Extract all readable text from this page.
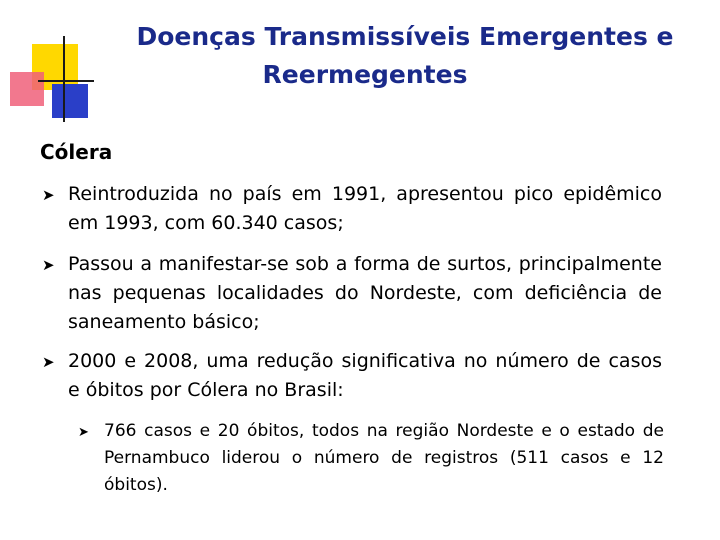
Doenças Transmissíveis Emergentes e
Reermegentes
Cólera
➤ Reintroduzida no país em 1991, apresentou pico epidêmico em 1993, com 60.340 casos;
➤ Passou a manifestar-se sob a forma de surtos, principalmente nas pequenas localidades do Nordeste, com deficiência de saneamento básico;
➤ 2000 e 2008, uma redução significativa no número de casos e óbitos por Cólera no Brasil:
➤ 766 casos e 20 óbitos, todos na região Nordeste e o estado de Pernambuco liderou o número de registros (511 casos e 12 óbitos).
